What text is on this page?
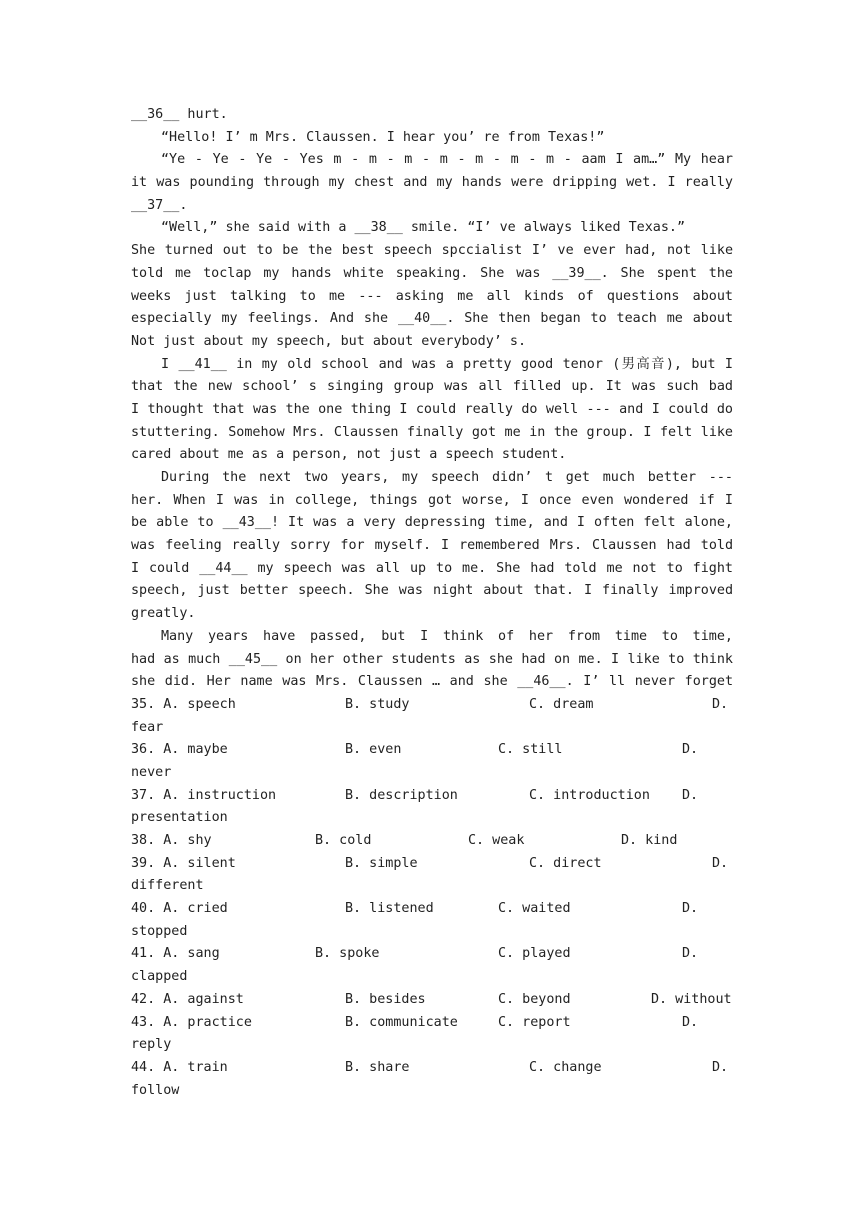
__36__ hurt.
“Hello! I’ m Mrs. Claussen. I hear you’ re from Texas!”
“Ye - Ye - Ye - Yes m - m - m - m - m - m - m - aam I am…” My hear
it was pounding through my chest and my hands were dripping wet. I really
__37__.
“Well,” she said with a __38__ smile. “I’ ve always liked Texas.”
She turned out to be the best speech spccialist I’ ve ever had, not like
told me toclap my hands white speaking. She was __39__. She spent the
weeks just talking to me --- asking me all kinds of questions about
especially my feelings. And she __40__. She then began to teach me about
Not just about my speech, but about everybody’ s.
I __41__ in my old school and was a pretty good tenor (男高音), but I
that the new school’ s singing group was all filled up. It was such bad
I thought that was the one thing I could really do well --- and I could do
stuttering. Somehow Mrs. Claussen finally got me in the group. I felt like
cared about me as a person, not just a speech student.
During the next two years, my speech didn’ t get much better ---
her. When I was in college, things got worse, I once even wondered if I
be able to __43__! It was a very depressing time, and I often felt alone,
was feeling really sorry for myself. I remembered Mrs. Claussen had told
I could __44__ my speech was all up to me. She had told me not to fight
speech, just better speech. She was night about that. I finally improved
greatly.
Many years have passed, but I think of her from time to time,
had as much __45__ on her other students as she had on me. I like to think
she did. Her name was Mrs. Claussen … and she __46__. I’ ll never forget
35. A. speech	B. study	C. dream	D.
fear
36. A. maybe	B. even	C. still	D.
never
37. A. instruction	B. description	C. introduction D.
presentation
38. A. shy	B. cold	C. weak	D. kind
39. A. silent	B. simple	C. direct	D.
different
40. A. cried	B. listened	C. waited	D.
stopped
41. A. sang	B. spoke	C. played	D.
clapped
42. A. against	B. besides	C. beyond	D. without
43. A. practice	B. communicate	C. report	D.
reply
44. A. train	B. share	C. change	D.
follow
